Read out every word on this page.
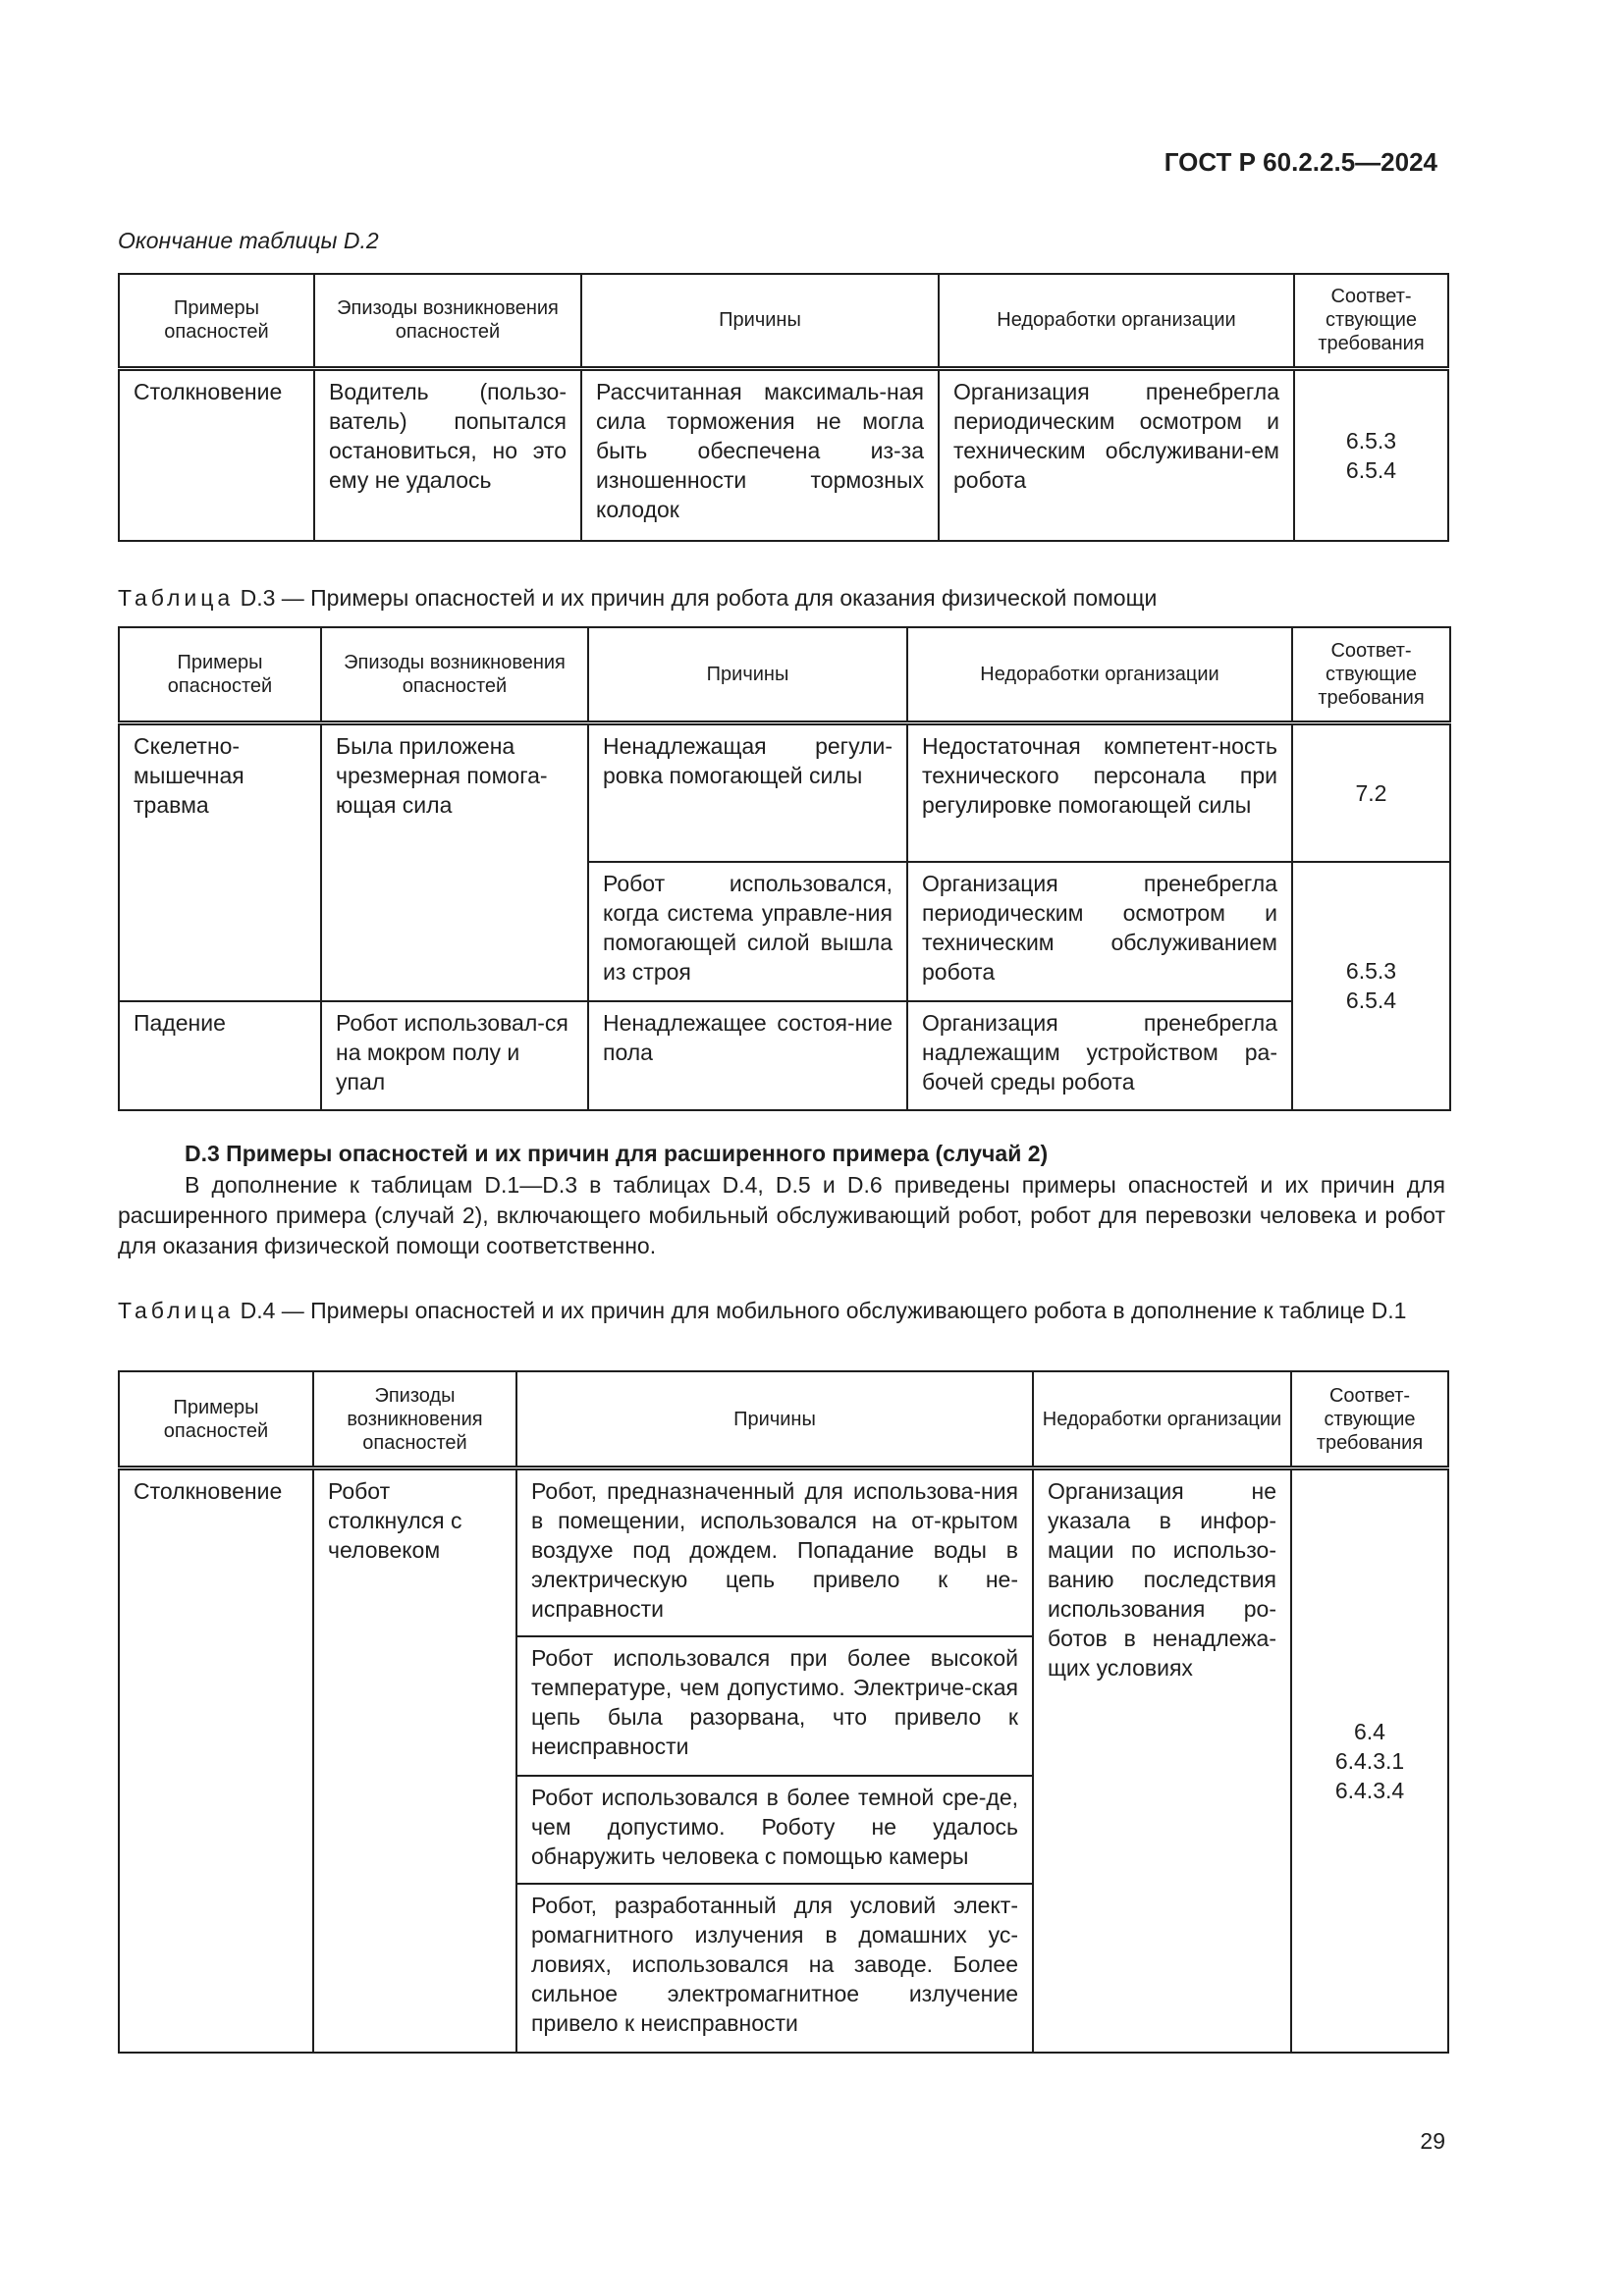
ГОСТ Р 60.2.2.5—2024
Окончание таблицы D.2
Примеры опасностей	Эпизоды возникновения опасностей	Причины	Недоработки организации	Соответ-ствующие требования
Столкновение	Водитель (пользо-ватель) попытался остановиться, но это ему не удалось	Рассчитанная максималь-ная сила торможения не могла быть обеспечена из-за изношенности тормозных колодок	Организация пренебрегла периодическим осмотром и техническим обслуживани-ем робота	6.5.3
6.5.4
Таблица D.3 — Примеры опасностей и их причин для робота для оказания физической помощи
Примеры опасностей	Эпизоды возникновения опасностей	Причины	Недоработки организации	Соответ-ствующие требования
Скелетно-мышечная травма	Была приложена чрезмерная помога-ющая сила	Ненадлежащая регули-ровка помогающей силы	Недостаточная компетент-ность технического персонала при регулировке помогающей силы	7.2
		Робот использовался, когда система управле-ния помогающей силой вышла из строя	Организация пренебрегла периодическим осмотром и техническим обслуживанием робота	6.5.3
6.5.4

Падение	Робот использовал-ся на мокром полу и упал	Ненадлежащее состоя-ние пола	Организация пренебрегла надлежащим устройством ра-бочей среды робота	
D.3 Примеры опасностей и их причин для расширенного примера (случай 2)
В дополнение к таблицам D.1—D.3 в таблицах D.4, D.5 и D.6 приведены примеры опасностей и их причин для расширенного примера (случай 2), включающего мобильный обслуживающий робот, робот для перевозки человека и робот для оказания физической помощи соответственно.
Таблица D.4 — Примеры опасностей и их причин для мобильного обслуживающего робота в дополнение к таблице D.1
Примеры опасностей	Эпизоды возникновения опасностей	Причины	Недоработки организации	Соответ-ствующие требования
Столкновение	Робот столкнулся с человеком	Робот, предназначенный для использова-ния в помещении, использовался на от-крытом воздухе под дождем. Попадание воды в электрическую цепь привело к не-исправности	Организация не указала в инфор-мации по использо-ванию последствия использования ро-ботов в ненадлежа-щих условиях	6.4
6.4.3.1
6.4.3.4

		Робот использовался при более высокой температуре, чем допустимо. Электриче-ская цепь была разорвана, что привело к неисправности		
		Робот использовался в более темной сре-де, чем допустимо. Роботу не удалось обнаружить человека с помощью камеры		
		Робот, разработанный для условий элект-ромагнитного излучения в домашних ус-ловиях, использовался на заводе. Более сильное электромагнитное излучение привело к неисправности		
29
